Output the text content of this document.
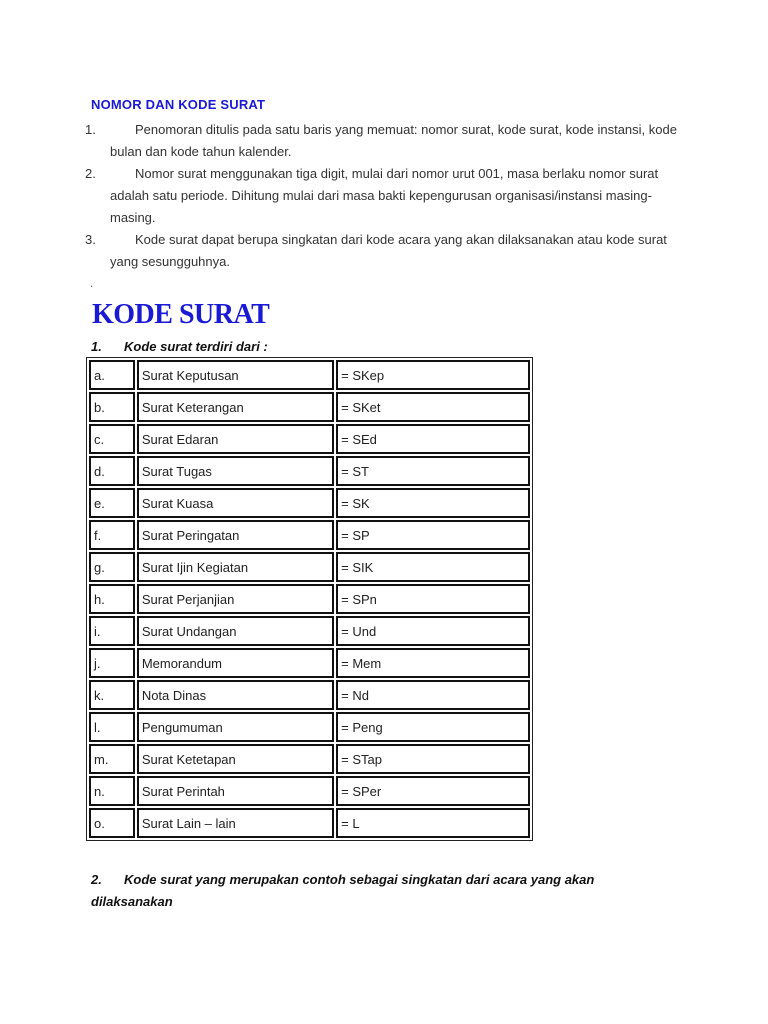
NOMOR DAN KODE SURAT
1.	Penomoran ditulis pada satu baris yang memuat: nomor surat, kode surat, kode instansi, kode bulan dan kode tahun kalender.
2.	Nomor surat menggunakan tiga digit, mulai dari nomor urut 001, masa berlaku nomor surat adalah satu periode. Dihitung mulai dari masa bakti kepengurusan organisasi/instansi masing-masing.
3.	Kode surat dapat berupa singkatan dari kode acara yang akan dilaksanakan atau kode surat yang sesungguhnya.
.
KODE SURAT
1. Kode surat terdiri dari :
a.	Surat Keputusan	= SKep
b.	Surat Keterangan	= SKet
c.	Surat Edaran	= SEd
d.	Surat Tugas	= ST
e.	Surat Kuasa	= SK
f.	Surat Peringatan	= SP
g.	Surat Ijin Kegiatan	= SIK
h.	Surat Perjanjian	= SPn
i.	Surat Undangan	= Und
j.	Memorandum	= Mem
k.	Nota Dinas	= Nd
l.	Pengumuman	= Peng
m.	Surat Ketetapan	= STap
n.	Surat Perintah	= SPer
o.	Surat Lain – lain	= L
2. Kode surat yang merupakan contoh sebagai singkatan dari acara yang akan dilaksanakan
